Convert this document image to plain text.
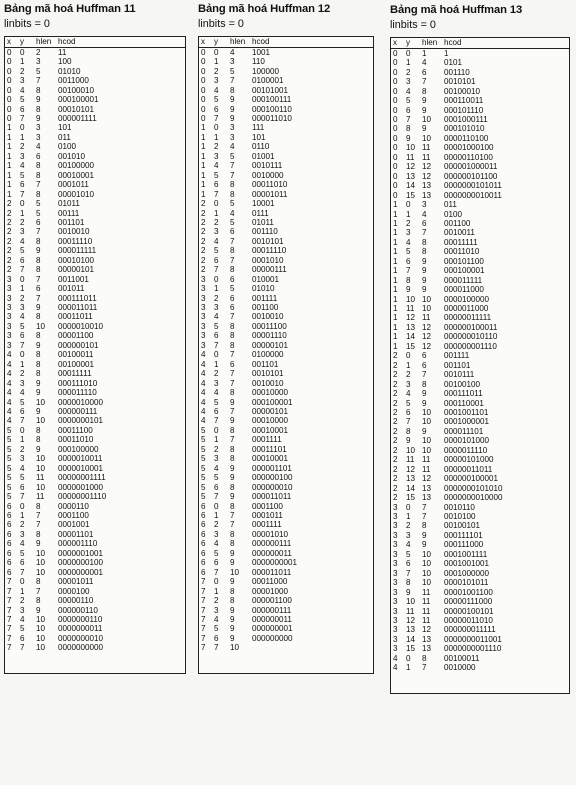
Bảng mã hoá Huffman 11
linbits = 0
x	y	hlen	hcod
0	0	2	11
0	1	3	100
0	2	5	01010
0	3	7	0011000
0	4	8	00100010
0	5	9	000100001
0	6	8	00010101
0	7	9	000001111
1	0	3	101
1	1	3	011
1	2	4	0100
1	3	6	001010
1	4	8	00100000
1	5	8	00010001
1	6	7	0001011
1	7	8	00001010
2	0	5	01011
2	1	5	00111
2	2	6	001101
2	3	7	0010010
2	4	8	00011110
2	5	9	000011111
2	6	8	00010100
2	7	8	00000101
3	0	7	0011001
3	1	6	001011
3	2	7	000111011
3	3	9	000011011
3	4	8	00011011
3	5	10	0000010010
3	6	8	00001100
3	7	9	000000101
4	0	8	00100011
4	1	8	00100001
4	2	8	00011111
4	3	9	000111010
4	4	9	000011110
4	5	10	0000010000
4	6	9	000000111
4	7	10	0000000101
5	0	8	00011100
5	1	8	00011010
5	2	9	000100000
5	3	10	0000010011
5	4	10	0000010001
5	5	11	00000001111
5	6	10	0000001000
5	7	11	00000001110
6	0	8	0000110
6	1	7	0001100
6	2	7	0001001
6	3	8	00001101
6	4	9	000001110
6	5	10	0000001001
6	6	10	0000000100
6	7	10	0000000001
7	0	8	00001011
7	1	7	0000100
7	2	8	00000110
7	3	9	000000110
7	4	10	0000000110
7	5	10	0000000011
7	6	10	0000000010
7	7	10	0000000000
Bảng mã hoá Huffman 12
linbits = 0
x	y	hlen	hcod
0	0	4	1001
0	1	3	110
0	2	5	100000
0	3	7	0100001
0	4	8	00101001
0	5	9	000100111
0	6	9	000100110
0	7	9	000011010
1	0	3	111
1	1	3	101
1	2	4	0110
1	3	5	01001
1	4	7	0010111
1	5	7	0010000
1	6	8	00011010
1	7	8	00001011
2	0	5	10001
2	1	4	0111
2	2	5	01011
2	3	6	001110
2	4	7	0010101
2	5	8	00011110
2	6	7	0001010
2	7	8	00000111
3	0	6	010001
3	1	5	01010
3	2	6	001111
3	3	6	001100
3	4	7	0010010
3	5	8	00011100
3	6	8	00001110
3	7	8	00000101
4	0	7	0100000
4	1	6	001101
4	2	7	0010101
4	3	7	0010010
4	4	8	00010000
4	5	9	000100001
4	6	7	00000101
4	7	9	00010000
5	0	8	00010001
5	1	7	0001111
5	2	8	00011101
5	3	8	00010001
5	4	9	000001101
5	5	9	000000100
5	6	8	000000010
5	7	9	000011011
6	0	8	0001100
6	1	7	0001011
6	2	7	0001111
6	3	8	00001010
6	4	8	000000111
6	5	9	000000011
6	6	9	0000000001
6	7	10	000011011
7	0	9	00011000
7	1	8	00001000
7	2	8	000001100
7	3	9	000000111
7	4	9	000000011
7	5	9	000000001
7	6	9	000000000
7	7	10	
Bảng mã hoá Huffman 13
linbits = 0
x	y	hlen	hcod
0	0	1	1
0	1	4	0101
0	2	6	001110
0	3	7	0010101
0	4	8	00100010
0	5	9	000110011
0	6	9	000101110
0	7	10	0001000111
0	8	9	000101010
0	9	10	0000110100
0	10	11	00001000100
0	11	11	00000110100
0	12	12	000001000011
0	13	12	000000101100
0	14	13	0000000101011
0	15	13	0000000010011
1	0	3	011
1	1	4	0100
1	2	6	001100
1	3	7	0010011
1	4	8	00011111
1	5	8	00011010
1	6	9	000101100
1	7	9	000100001
1	8	9	000011111
1	9	9	000011000
1	10	10	0000100000
1	11	10	0000011000
1	12	11	00000011111
1	13	12	000000100011
1	14	12	000000010110
1	15	12	000000001110
2	0	6	001111
2	1	6	001101
2	2	7	0010111
2	3	8	00100100
2	4	9	000111011
2	5	9	000110001
2	6	10	0001001101
2	7	10	0001000001
2	8	9	000011101
2	9	10	0000101000
2	10	10	0000011110
2	11	11	00000101000
2	12	11	00000011011
2	13	12	000000100001
2	14	13	0000000101010
2	15	13	0000000010000
3	0	7	0010110
3	1	7	0010100
3	2	8	00100101
3	3	9	000111101
3	4	9	000111000
3	5	10	0001001111
3	6	10	0001001001
3	7	10	0001000000
3	8	10	0000101011
3	9	11	00001001100
3	10	11	00000111000
3	11	11	00000100101
3	12	11	00000011010
3	13	12	000000011111
3	14	13	0000000011001
3	15	13	0000000001110
4	0	8	00100011
4	1	7	0010000
